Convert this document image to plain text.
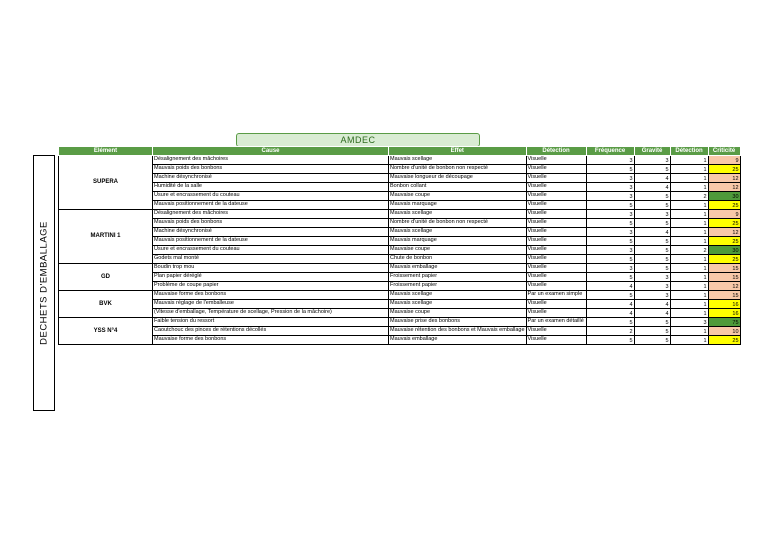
AMDEC
DECHETS D'EMBALLAGE
Elément	Cause	Effet	Détection	Fréquence	Gravité	Détection	Criticité
SUPERA	Désalignement des mâchoires	Mauvais scellage	Visuelle	3	3	1	9
	Mauvais poids des bonbons	Nombre d'unité de bonbon non respecté	Visuelle	5	5	1	25
	Machine désynchronisé	Mauvaise longueur de découpage	Visuelle	3	4	1	12
	Humidité de la salle	Bonbon collant	Visuelle	3	4	1	12
	Usure et encrassement du couteau	Mauvaise coupe	Visuelle	3	5	2	30
	Mauvais positionnement de la dateuse	Mauvais marquage	Visuelle	5	5	1	25
MARTINI 1	Désalignement des mâchoires	Mauvais scellage	Visuelle	3	3	1	9
	Mauvais poids des bonbons	Nombre d'unité de bonbon non respecté	Visuelle	5	5	1	25
	Machine désynchronisé	Mauvais scellage	Visuelle	3	4	1	12
	Mauvais positionnement de la dateuse	Mauvais marquage	Visuelle	5	5	1	25
	Usure et encrassement du couteau	Mauvaise coupe	Visuelle	3	5	2	30
	Godets mal monté	Chute de bonbon	Visuelle	5	5	1	25
GD	Boudin trop mou	Mauvais emballage	Visuelle	3	5	1	15
	Plan papier déréglé	Froissement papier	Visuelle	5	3	1	15
	Problème de coupe papier	Froissement papier	Visuelle	4	3	1	12
BVK	Mauvaise forme des bonbons	Mauvais scellage	Par un examen simple	5	3	1	15
	Mauvais réglage de l'emballeuse	Mauvais scellage	Visuelle	4	4	1	16
	(Vitesse d'emballage, Température de scellage, Pression de la mâchoire)	Mauvaise coupe	Visuelle	4	4	1	16
YSS N°4	Faible tension du ressort	Mauvaise prise des bonbons	Par un examen détaillé	5	5	3	75
	Caoutchouc des pinces de rétentions décollés	Mauvaise rétention des bonbons et Mauvais emballage	Visuelle	2	5	1	10
	Mauvaise forme des bonbons	Mauvais emballage	Visuelle	5	5	1	25
